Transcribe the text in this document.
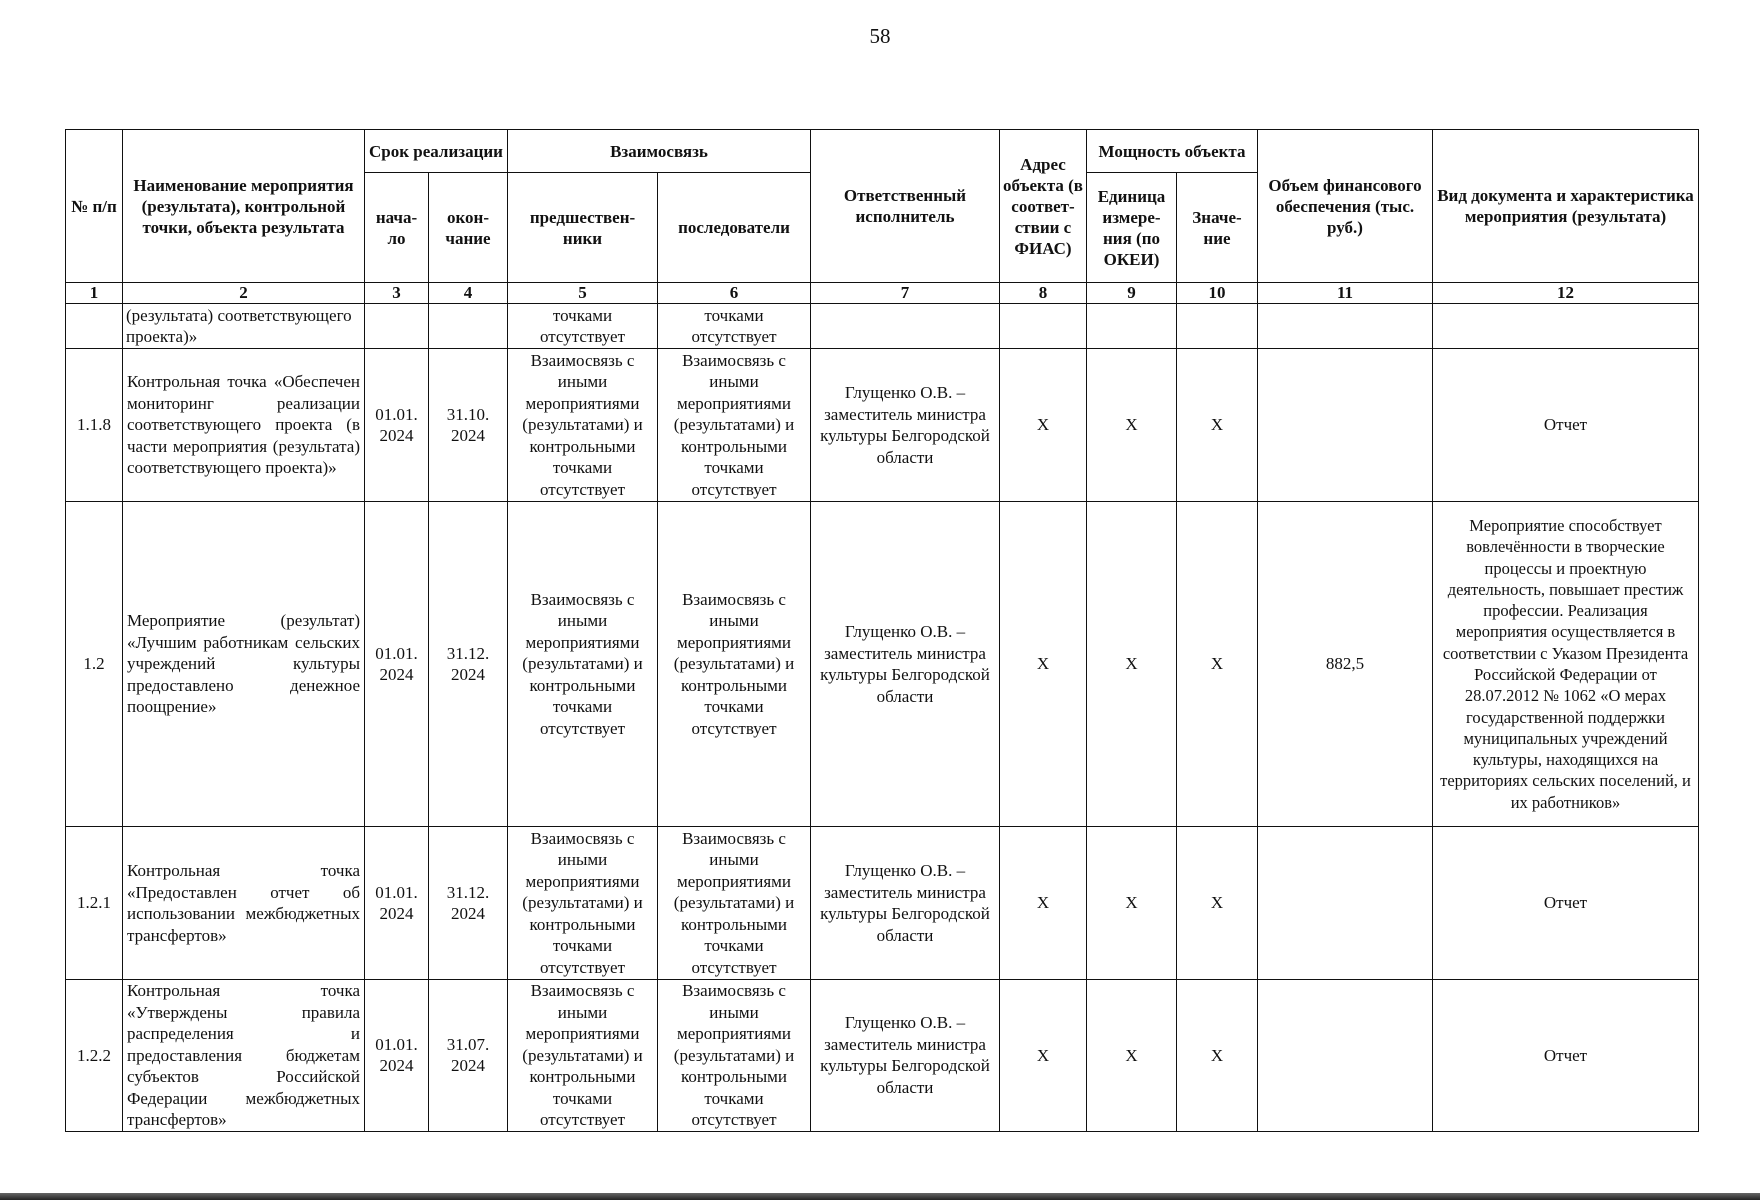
58
№ п/п	Наименование мероприятия (результата), контрольной точки, объекта результата	Срок реализации		Взаимосвязь		Ответственный исполнитель	Адрес объекта (в соответ-ствии с ФИАС)	Мощность объекта		Объем финансового обеспечения (тыс. руб.)	Вид документа и характеристика мероприятия (результата)
		нача-ло	окон-чание	предшествен-ники	последователи			Единица измере-ния (по ОКЕИ)	Значе-ние		
1	2	3	4	5	6	7	8	9	10	11	12
	(результата) соответствующего проекта)»			точками отсутствует	точками отсутствует						
1.1.8	Контрольная точка «Обеспечен мониторинг реализации соответствующего проекта (в части мероприятия (результата) соответствующего проекта)»	01.01. 2024	31.10. 2024	Взаимосвязь с иными мероприятиями (результатами) и контрольными точками отсутствует	Взаимосвязь с иными мероприятиями (результатами) и контрольными точками отсутствует	Глущенко О.В. – заместитель министра культуры Белгородской области	X	X	X		Отчет
1.2	Мероприятие (результат) «Лучшим работникам сельских учреждений культуры предоставлено денежное поощрение»	01.01. 2024	31.12. 2024	Взаимосвязь с иными мероприятиями (результатами) и контрольными точками отсутствует	Взаимосвязь с иными мероприятиями (результатами) и контрольными точками отсутствует	Глущенко О.В. – заместитель министра культуры Белгородской области	X	X	X	882,5	Мероприятие способствует вовлечённости в творческие процессы и проектную деятельность, повышает престиж профессии. Реализация мероприятия осуществляется в соответствии с Указом Президента Российской Федерации от 28.07.2012 № 1062 «О мерах государственной поддержки муниципальных учреждений культуры, находящихся на территориях сельских поселений, и их работников»
1.2.1	Контрольная точка «Предоставлен отчет об использовании межбюджетных трансфертов»	01.01. 2024	31.12. 2024	Взаимосвязь с иными мероприятиями (результатами) и контрольными точками отсутствует	Взаимосвязь с иными мероприятиями (результатами) и контрольными точками отсутствует	Глущенко О.В. – заместитель министра культуры Белгородской области	X	X	X		Отчет
1.2.2	Контрольная точка «Утверждены правила распределения и предоставления бюджетам субъектов Российской Федерации межбюджетных трансфертов»	01.01. 2024	31.07. 2024	Взаимосвязь с иными мероприятиями (результатами) и контрольными точками отсутствует	Взаимосвязь с иными мероприятиями (результатами) и контрольными точками отсутствует	Глущенко О.В. – заместитель министра культуры Белгородской области	X	X	X		Отчет
